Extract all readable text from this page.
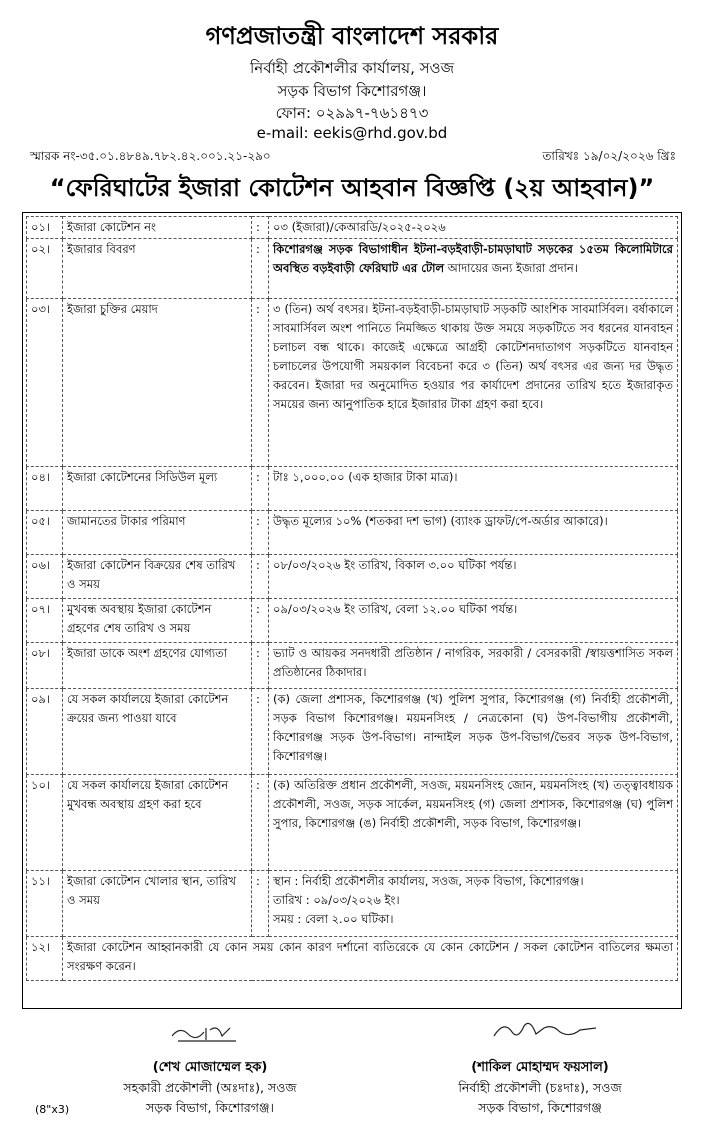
গণপ্রজাতন্ত্রী বাংলাদেশ সরকার
নির্বাহী প্রকৌশলীর কার্যালয়, সওজ
সড়ক বিভাগ কিশোরগঞ্জ।
ফোন: ০২৯৯৭-৭৬১৪৭৩
e-mail: eekis@rhd.gov.bd
স্মারক নং-৩৫.০১.৪৮৪৯.৭৮২.৪২.০০১.২১-২৯০	তারিখঃ ১৯/০২/২০২৬ খ্রিঃ
“ফেরিঘাটের ইজারা কোটেশন আহবান বিজ্ঞপ্তি (২য় আহবান)”
০১।	ইজারা কোটেশন নং	:	০৩ (ইজারা)/কেআরডি/২০২৫-২০২৬
০২।	ইজারার বিবরণ	:	কিশোরগঞ্জ সড়ক বিভাগাধীন ইটনা-বড়ইবাড়ী-চামড়াঘাট সড়কের ১৫তম কিলোমিটারে অবস্থিত বড়ইবাড়ী ফেরিঘাট এর টোল আদায়ের জন্য ইজারা প্রদান।
০৩।	ইজারা চুক্তির মেয়াদ	:	৩ (তিন) অর্থ বৎসর। ইটনা-বড়ইবাড়ী-চামড়াঘাট সড়কটি আংশিক সাবমার্সিবল। বর্ষাকালে সাবমার্সিবল অংশ পানিতে নিমজ্জিত থাকায় উক্ত সময়ে সড়কটিতে সব ধরনের যানবাহন চলাচল বন্ধ থাকে। কাজেই এক্ষেত্রে আগ্রহী কোটেশনদাতাগণ সড়কটিতে যানবাহন চলাচলের উপযোগী সময়কাল বিবেচনা করে ৩ (তিন) অর্থ বৎসর এর জন্য দর উদ্ধৃত করবেন। ইজারা দর অনুমোদিত হওয়ার পর কার্যাদেশ প্রদানের তারিখ হতে ইজারাকৃত সময়ের জন্য আনুপাতিক হারে ইজারার টাকা গ্রহণ করা হবে।
০৪।	ইজারা কোটেশনের সিডিউল মূল্য	:	টাঃ ১,০০০.০০ (এক হাজার টাকা মাত্র)।
০৫।	জামানতের টাকার পরিমাণ	:	উদ্ধৃত মূল্যের ১০% (শতকরা দশ ভাগ) (ব্যাংক ড্রাফট/পে-অর্ডার আকারে)।
০৬।	ইজারা কোটেশন বিক্রয়ের শেষ তারিখ ও সময়	:	০৮/০৩/২০২৬ ইং তারিখ, বিকাল ৩.০০ ঘটিকা পর্যন্ত।
০৭।	মুখবন্ধ অবস্থায় ইজারা কোটেশন গ্রহণের শেষ তারিখ ও সময়	:	০৯/০৩/২০২৬ ইং তারিখ, বেলা ১২.০০ ঘটিকা পর্যন্ত।
০৮।	ইজারা ডাকে অংশ গ্রহণের যোগ্যতা	:	ভ্যাট ও আয়কর সনদধারী প্রতিষ্ঠান / নাগরিক, সরকারী / বেসরকারী /স্বায়ত্তশাসিত সকল প্রতিষ্ঠানের ঠিকাদার।
০৯।	যে সকল কার্যালয়ে ইজারা কোটেশন ক্রয়ের জন্য পাওয়া যাবে	:	(ক) জেলা প্রশাসক, কিশোরগঞ্জ (খ) পুলিশ সুপার, কিশোরগঞ্জ (গ) নির্বাহী প্রকৌশলী, সড়ক বিভাগ কিশোরগঞ্জ। ময়মনসিংহ / নেত্রকোনা (ঘ) উপ-বিভাগীয় প্রকৌশলী, কিশোরগঞ্জ সড়ক উপ-বিভাগ। নান্দাইল সড়ক উপ-বিভাগ/ভৈরব সড়ক উপ-বিভাগ, কিশোরগঞ্জ।
১০।	যে সকল কার্যালয়ে ইজারা কোটেশন মুখবন্ধ অবস্থায় গ্রহণ করা হবে	:	(ক) অতিরিক্ত প্রধান প্রকৌশলী, সওজ, ময়মনসিংহ জোন, ময়মনসিংহ (খ) তত্ত্বাবধায়ক প্রকৌশলী, সওজ, সড়ক সার্কেল, ময়মনসিংহ (গ) জেলা প্রশাসক, কিশোরগঞ্জ (ঘ) পুলিশ সুপার, কিশোরগঞ্জ (ঙ) নির্বাহী প্রকৌশলী, সড়ক বিভাগ, কিশোরগঞ্জ।
১১।	ইজারা কোটেশন খোলার স্থান, তারিখ ও সময়	:	স্থান : নির্বাহী প্রকৌশলীর কার্যালয়, সওজ, সড়ক বিভাগ, কিশোরগঞ্জ।
তারিখ : ০৯/০৩/২০২৬ ইং।
সময় : বেলা ২.০০ ঘটিকা।

১২।	ইজারা কোটেশন আহ্বানকারী যে কোন সময় কোন কারণ দর্শানো ব্যতিরেকে যে কোন কোটেশন / সকল কোটেশন বাতিলের ক্ষমতা সংরক্ষণ করেন।		
(শেখ মোজাম্মেল হক)
সহকারী প্রকৌশলী (অঃদাঃ), সওজ
সড়ক বিভাগ, কিশোরগঞ্জ।
(শাকিল মোহাম্মদ ফয়সাল)
নির্বাহী প্রকৌশলী (চঃদাঃ), সওজ
সড়ক বিভাগ, কিশোরগঞ্জ
(8"x3)
